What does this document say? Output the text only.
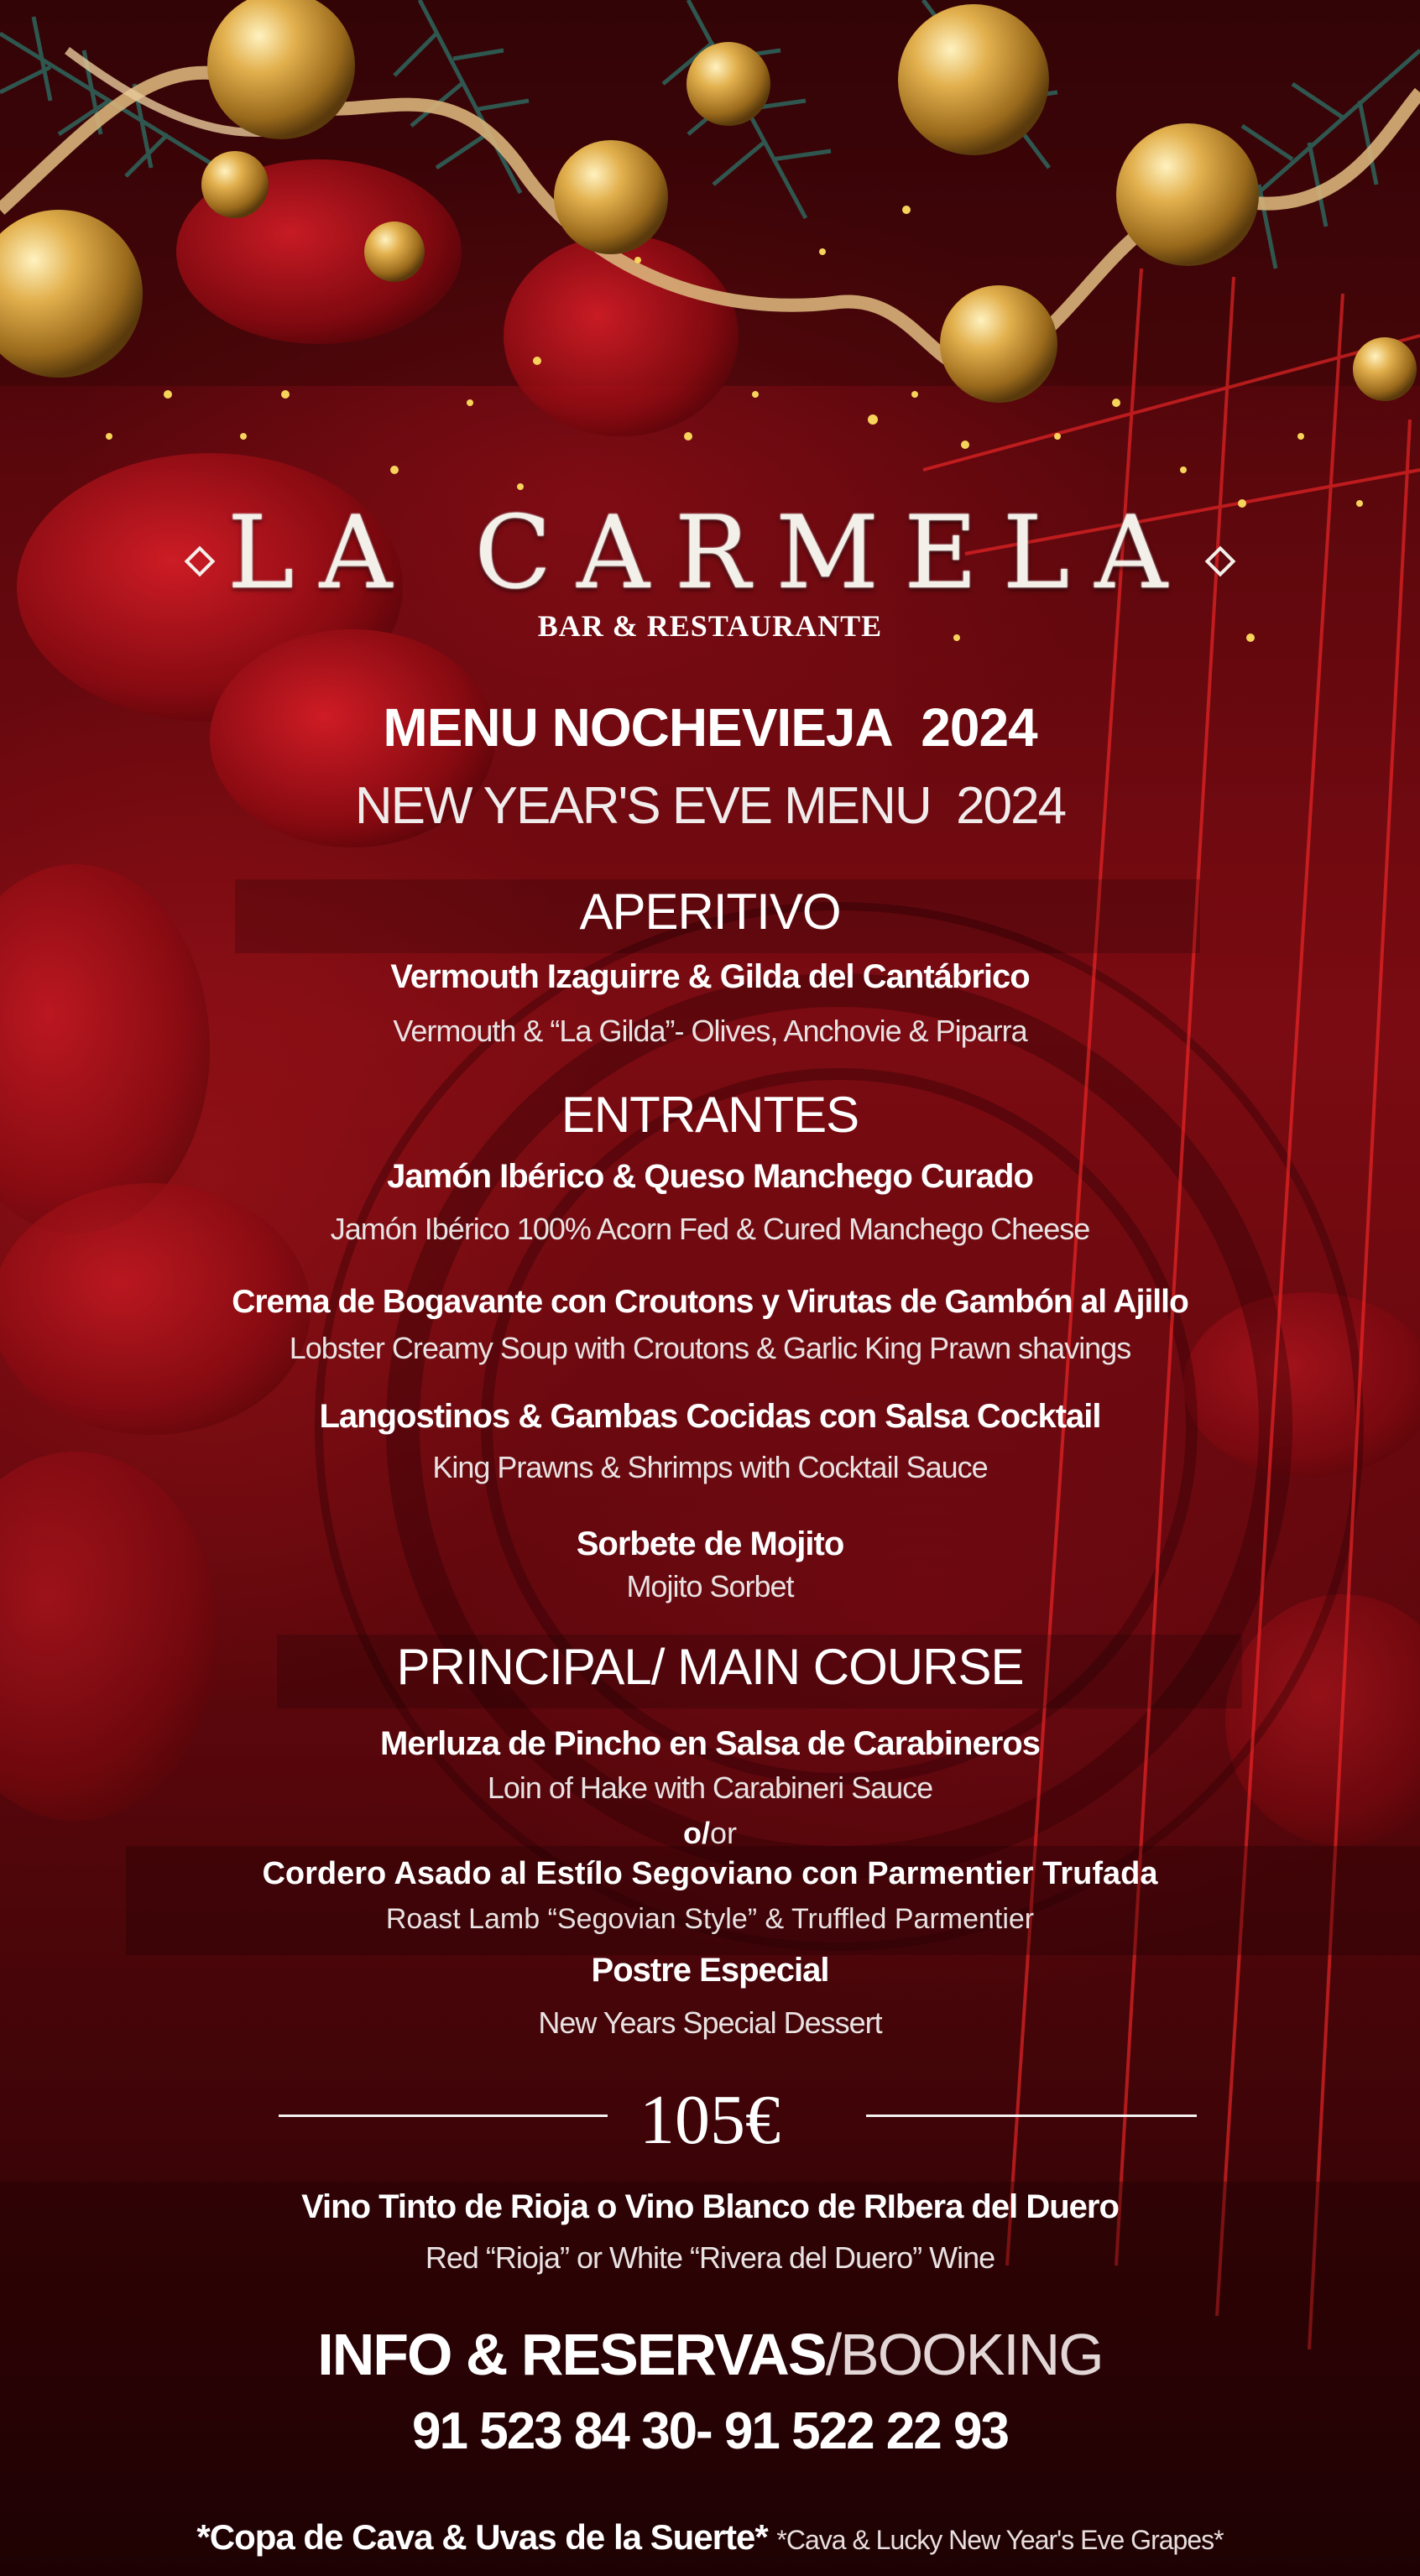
LA CARMELA
BAR & RESTAURANTE
MENU NOCHEVIEJA 2024
NEW YEAR'S EVE MENU 2024
APERITIVO
Vermouth Izaguirre & Gilda del Cantábrico
Vermouth & “La Gilda”- Olives, Anchovie & Piparra
ENTRANTES
Jamón Ibérico & Queso Manchego Curado
Jamón Ibérico 100% Acorn Fed & Cured Manchego Cheese
Crema de Bogavante con Croutons y Virutas de Gambón al Ajillo
Lobster Creamy Soup with Croutons & Garlic King Prawn shavings
Langostinos & Gambas Cocidas con Salsa Cocktail
King Prawns & Shrimps with Cocktail Sauce
Sorbete de Mojito
Mojito Sorbet
PRINCIPAL/ MAIN COURSE
Merluza de Pincho en Salsa de Carabineros
Loin of Hake with Carabineri Sauce
o/or
Cordero Asado al Estílo Segoviano con Parmentier Trufada
Roast Lamb “Segovian Style” & Truffled Parmentier
Postre Especial
New Years Special Dessert
105€
Vino Tinto de Rioja o Vino Blanco de RIbera del Duero
Red “Rioja” or White “Rivera del Duero” Wine
INFO & RESERVAS/BOOKING
91 523 84 30- 91 522 22 93
*Copa de Cava & Uvas de la Suerte* *Cava & Lucky New Year's Eve Grapes*
